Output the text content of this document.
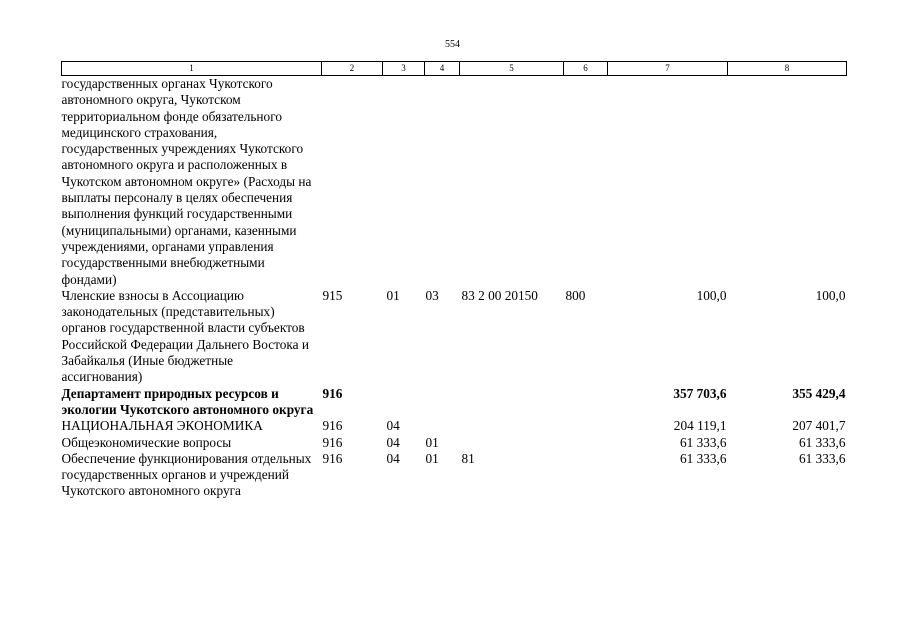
554
1	2	3	4	5	6	7	8
государственных органах Чукотского автономного округа, Чукотском территориальном фонде обязательного медицинского страхования, государственных учреждениях Чукотского автономного округа и расположенных в Чукотском автономном округе» (Расходы на выплаты персоналу в целях обеспечения выполнения функций государственными (муниципальными) органами, казенными учреждениями, органами управления государственными внебюджетными фондами)							
Членские взносы в Ассоциацию законодательных (представительных) органов государственной власти субъектов Российской Федерации Дальнего Востока и Забайкалья (Иные бюджетные ассигнования)	915	01	03	83 2 00 20150	800	100,0	100,0
Департамент природных ресурсов и экологии Чукотского автономного округа	916					357 703,6	355 429,4
НАЦИОНАЛЬНАЯ ЭКОНОМИКА	916	04				204 119,1	207 401,7
Общеэкономические вопросы	916	04	01			61 333,6	61 333,6
Обеспечение функционирования отдельных государственных органов и учреждений Чукотского автономного округа	916	04	01	81		61 333,6	61 333,6
